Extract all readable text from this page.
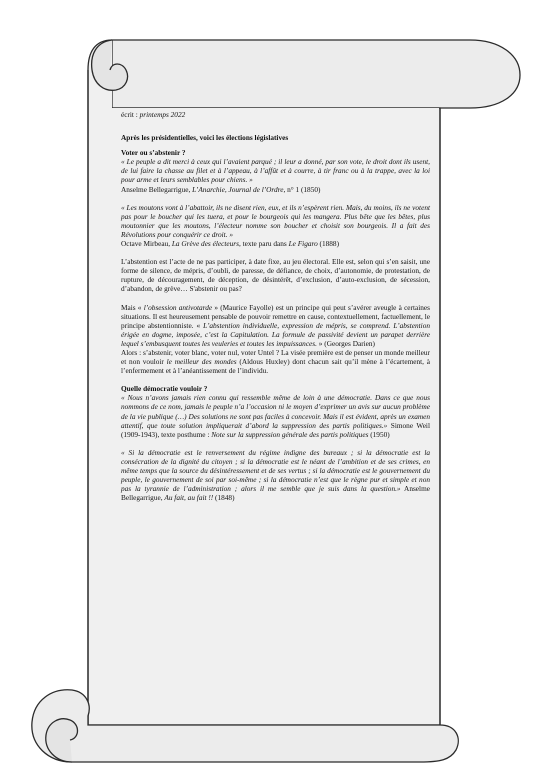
écrit : printemps 2022

Après les présidentielles, voici les élections législatives

Voter ou s’abstenir ?

« Le peuple a dit merci à ceux qui l’avaient parqué ; il leur a donné, par son vote, le droit dont ils usent, de lui faire la chasse au filet et à l’appeau, à l’affût et à courre, à tir franc ou à la trappe, avec la loi pour arme et leurs semblables pour chiens. »
Anselme Bellegarrigue, L’Anarchie, Journal de l’Ordre, n° 1 (1850)

« Les moutons vont à l’abattoir, ils ne disent rien, eux, et ils n’espèrent rien. Mais, du moins, ils ne votent pas pour le boucher qui les tuera, et pour le bourgeois qui les mangera. Plus bête que les bêtes, plus moutonnier que les moutons, l’électeur nomme son boucher et choisit son bourgeois. Il a fait des Révolutions pour conquérir ce droit. »
Octave Mirbeau, La Grève des électeurs, texte paru dans Le Figaro (1888)

L’abstention est l’acte de ne pas participer, à date fixe, au jeu électoral. Elle est, selon qui s’en saisit, une forme de silence, de mépris, d’oubli, de paresse, de défiance, de choix, d’autonomie, de protestation, de rupture, de découragement, de déception, de désintérêt, d’exclusion, d’auto-exclusion, de sécession, d’abandon, de grève… S'abstenir ou pas?

Mais « l’obsession antivotarde » (Maurice Fayolle) est un principe qui peut s’avérer aveugle à certaines situations. Il est heureusement pensable de pouvoir remettre en cause, contextuellement, factuellement, le principe abstentionniste. « L’abstention individuelle, expression de mépris, se comprend. L’abstention érigée en dogme, imposée, c’est la Capitulation. La formule de passivité devient un parapet derrière lequel s’embusquent toutes les veuleries et toutes les impuissances. » (Georges Darien)

Alors : s’abstenir, voter blanc, voter nul, voter Untel ? La visée première est de penser un monde meilleur et non vouloir le meilleur des mondes (Aldous Huxley) dont chacun sait qu’il mène à l’écartement, à l’enfermement et à l’anéantissement de l’individu.

Quelle démocratie vouloir ?

« Nous n’avons jamais rien connu qui ressemble même de loin à une démocratie. Dans ce que nous nommons de ce nom, jamais le peuple n’a l’occasion ni le moyen d’exprimer un avis sur aucun problème de la vie publique (…) Des solutions ne sont pas faciles à concevoir. Mais il est évident, après un examen attentif, que toute solution impliquerait d’abord la suppression des partis politiques.» Simone Weil (1909-1943), texte posthume : Note sur la suppression générale des partis politiques (1950)

« Si la démocratie est le renversement du régime indigne des bureaux ; si la démocratie est la consécration de la dignité du citoyen ; si la démocratie est le néant de l’ambition et de ses crimes, en même temps que la source du désintéressement et de ses vertus ; si la démocratie est le gouvernement du peuple, le gouvernement de soi par soi-même ; si la démocratie n’est que le règne pur et simple et non pas la tyrannie de l’administration ; alors il me semble que je suis dans la question.» Anselme Bellegarrigue, Au fait, au fait !! (1848)
